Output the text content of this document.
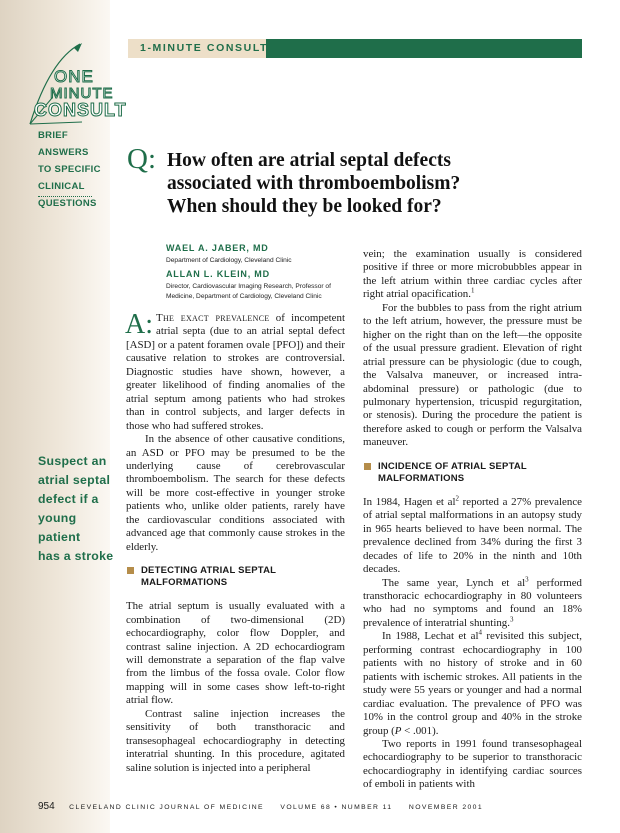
1-MINUTE CONSULT
ONE
MINUTE
CONSULT
BRIEF ANSWERS
TO SPECIFIC
CLINICAL
QUESTIONS
Q: How often are atrial septal defects
associated with thromboembolism?
When should they be looked for?
WAEL A. JABER, MD
Department of Cardiology, Cleveland Clinic
ALLAN L. KLEIN, MD
Director, Cardiovascular Imaging Research, Professor of
Medicine, Department of Cardiology, Cleveland Clinic
Suspect an
atrial septal
defect if a
young patient
has a stroke

A: The exact prevalence of incompetent atrial septa (due to an atrial septal defect [ASD] or a patent foramen ovale [PFO]) and their causative relation to strokes are controversial. Diagnostic studies have shown, however, a greater likelihood of finding anomalies of the atrial septum among patients who had strokes than in control subjects, and larger defects in those who had suffered strokes.

In the absence of other causative conditions, an ASD or PFO may be presumed to be the underlying cause of cerebrovascular thromboembolism. The search for these defects will be more cost-effective in younger stroke patients who, unlike older patients, rarely have the cardiovascular conditions associated with advanced age that commonly cause strokes in the elderly.

DETECTING ATRIAL SEPTAL
MALFORMATIONS

The atrial septum is usually evaluated with a combination of two-dimensional (2D) echocardiography, color flow Doppler, and contrast saline injection. A 2D echocardiogram will demonstrate a separation of the flap valve from the limbus of the fossa ovale. Color flow mapping will in some cases show left-to-right atrial flow.

Contrast saline injection increases the sensitivity of both transthoracic and transesophageal echocardiography in detecting interatrial shunting. In this procedure, agitated saline solution is injected into a peripheral

vein; the examination usually is considered positive if three or more microbubbles appear in the left atrium within three cardiac cycles after right atrial opacification.$^1$

For the bubbles to pass from the right atrium to the left atrium, however, the pressure must be higher on the right than on the left—the opposite of the usual pressure gradient. Elevation of right atrial pressure can be physiologic (due to cough, the Valsalva maneuver, or increased intra-abdominal pressure) or pathologic (due to pulmonary hypertension, tricuspid regurgitation, or stenosis). During the procedure the patient is therefore asked to cough or perform the Valsalva maneuver.

INCIDENCE OF ATRIAL SEPTAL
MALFORMATIONS

In 1984, Hagen et $al^2$ reported a 27% prevalence of atrial septal malformations in an autopsy study in 965 hearts believed to have been normal. The prevalence declined from 34% during the first 3 decades of life to 20% in the ninth and 10th decades.

The same year, Lynch et $al^3$ performed transthoracic echocardiography in 80 volunteers who had no symptoms and found an 18% prevalence of interatrial shunting.$^3$

In 1988, Lechat et $al^4$ revisited this subject, performing contrast echocardiography in 100 patients with no history of stroke and in 60 patients with ischemic strokes. All patients in the study were 55 years or younger and had a normal cardiac evaluation. The prevalence of PFO was 10% in the control group and 40% in the stroke group (P < .001).

Two reports in 1991 found transesophageal echocardiography to be superior to transthoracic echocardiography in identifying cardiac sources of emboli in patients with

954 CLEVELAND CLINIC JOURNAL OF MEDICINE     VOLUME 68 • NUMBER 11     NOVEMBER 2001
